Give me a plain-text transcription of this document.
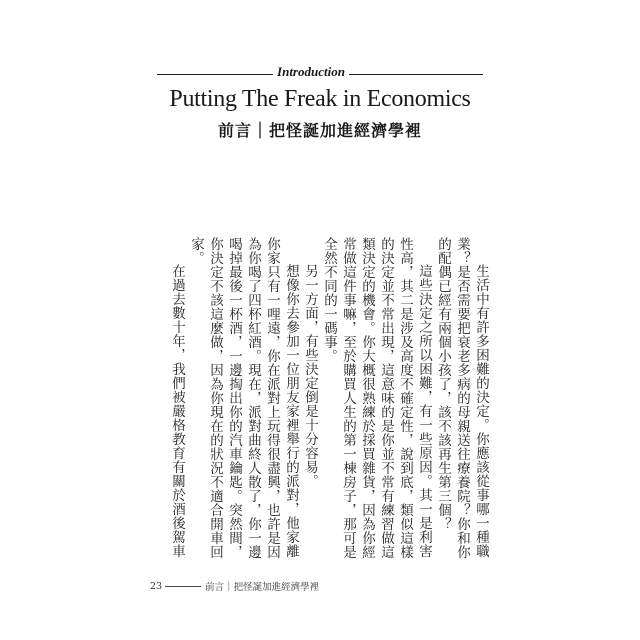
Introduction
Putting The Freak in Economics
前言｜把怪誕加進經濟學裡

生活中有許多困難的決定。你應該從事哪一種職業？是否需要把衰老多病的母親送往療養院？你和你的配偶已經有兩個小孩了，該不該再生第三個？

這些決定之所以困難，有一些原因。其一是利害性高，其二是涉及高度不確定性，說到底，類似這樣的決定並不常出現，這意味的是你並不常有練習做這類決定的機會。你大概很熟練於採買雜貨，因為你經常做這件事嘛，至於購買人生的第一棟房子，那可是全然不同的一碼事。

另一方面，有些決定倒是十分容易。

想像你去參加一位朋友家裡舉行的派對，他家離你家只有一哩遠，你在派對上玩得很盡興，也許是因為你喝了四杯紅酒。現在，派對曲終人散了，你一邊喝掉最後一杯酒，一邊掏出你的汽車鑰匙。突然間，你決定不該這麼做，因為你現在的狀況不適合開車回家。

在過去數十年，我們被嚴格教育有關於酒後駕車

23	前言｜把怪誕加進經濟學裡
